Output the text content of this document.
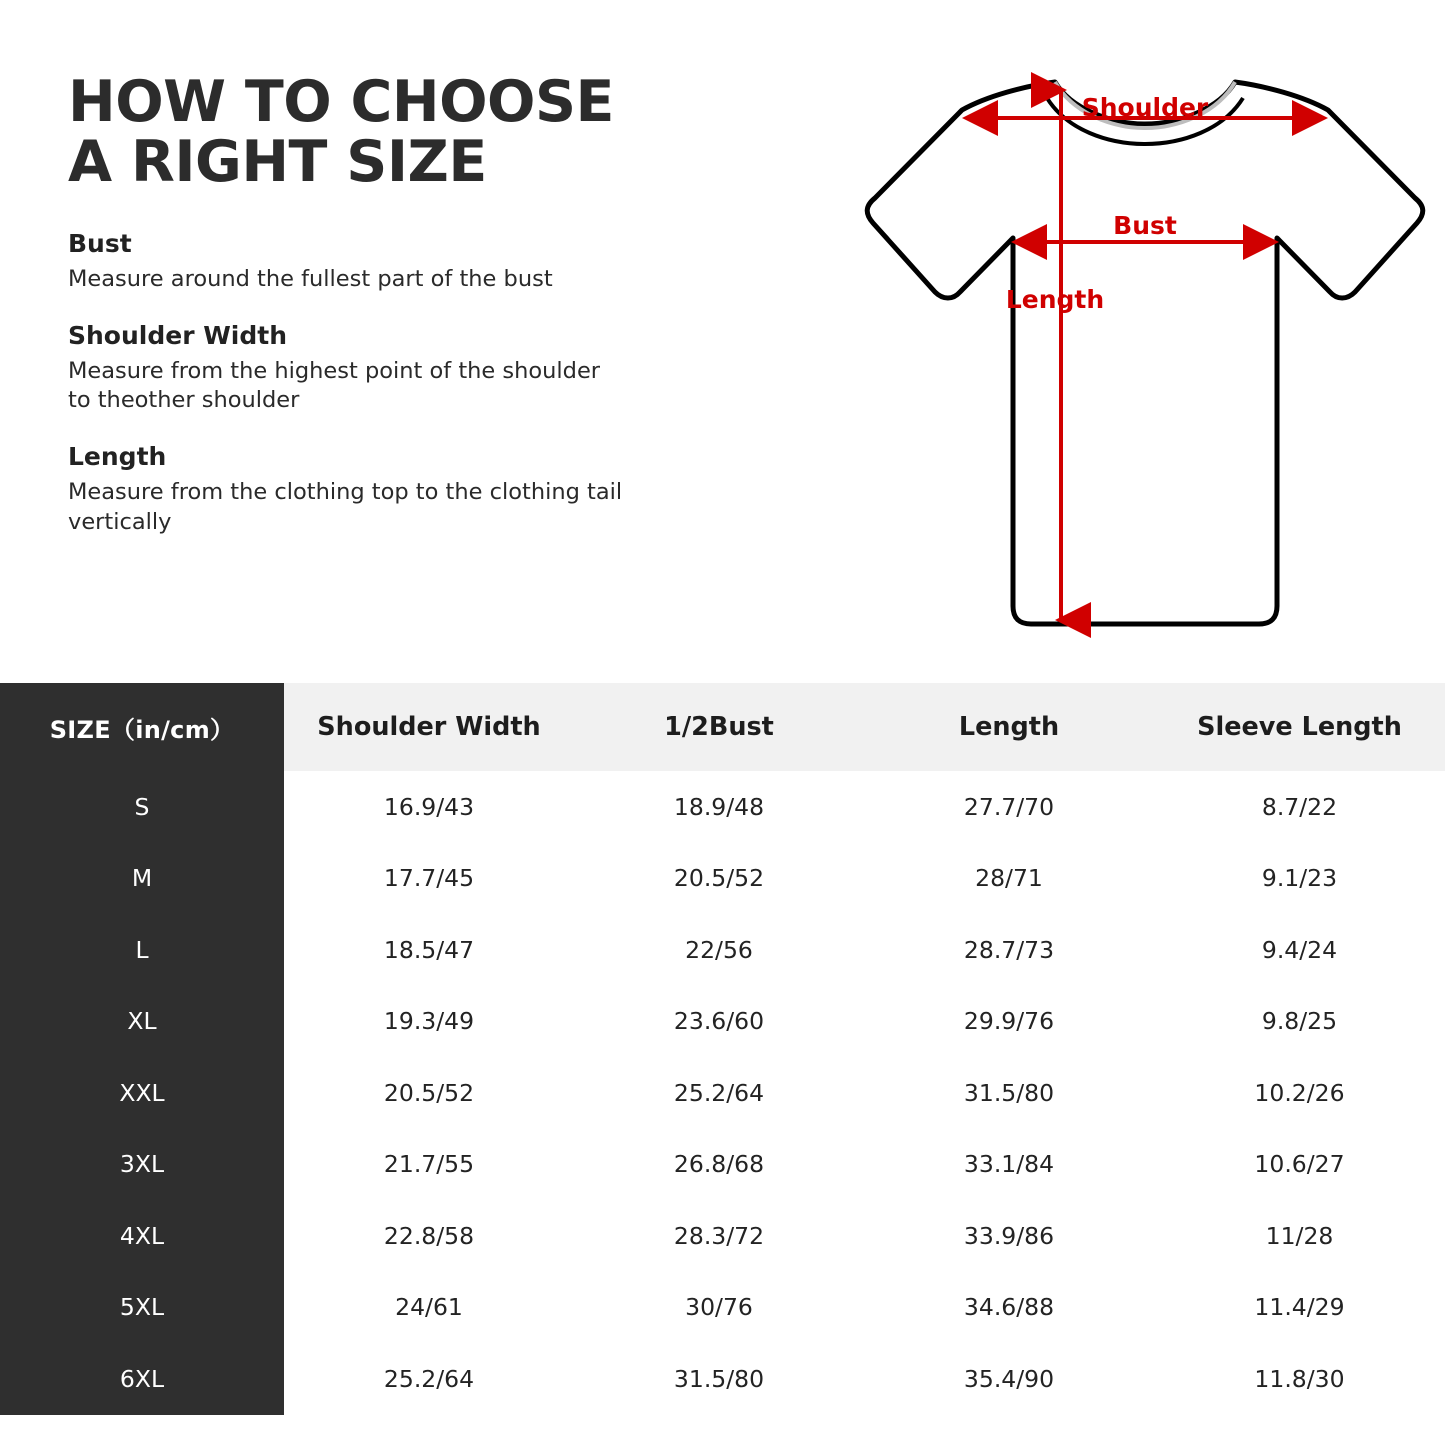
HOW TO CHOOSE
A RIGHT SIZE

Bust

Measure around the fullest part of the bust

Shoulder Width

Measure from the highest point of the shoulder to theother shoulder

Length

Measure from the clothing top to the clothing tail vertically

Shoulder
Bust
Length
SIZE（in/cm）	Shoulder Width	1/2Bust	Length	Sleeve Length
S	16.9/43	18.9/48	27.7/70	8.7/22
M	17.7/45	20.5/52	28/71	9.1/23
L	18.5/47	22/56	28.7/73	9.4/24
XL	19.3/49	23.6/60	29.9/76	9.8/25
XXL	20.5/52	25.2/64	31.5/80	10.2/26
3XL	21.7/55	26.8/68	33.1/84	10.6/27
4XL	22.8/58	28.3/72	33.9/86	11/28
5XL	24/61	30/76	34.6/88	11.4/29
6XL	25.2/64	31.5/80	35.4/90	11.8/30
